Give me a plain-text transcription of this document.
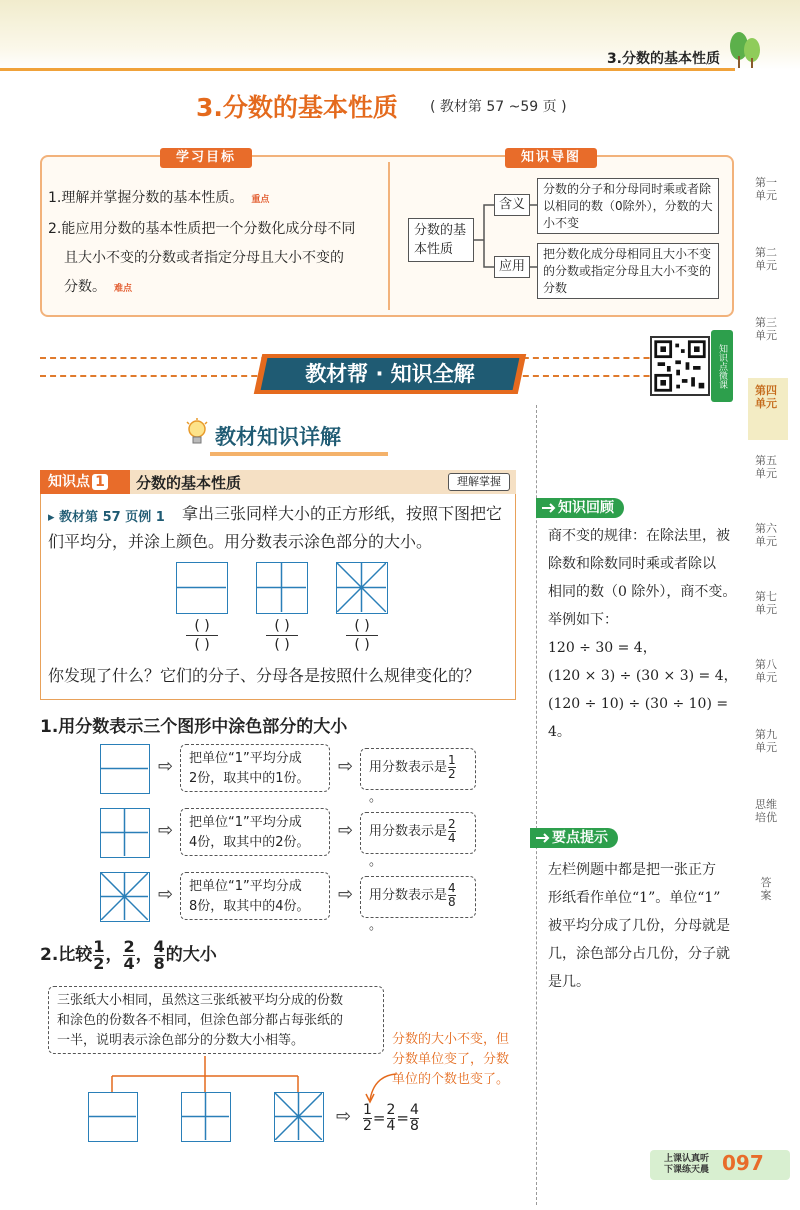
3.分数的基本性质
3.分数的基本性质 ( 教材第 57 ~59 页 )
学习目标	知识导图
1.理解并掌握分数的基本性质。 重点
2.能应用分数的基本性质把一个分数化成分母不同
且大小不变的分数或者指定分母且大小不变的
分数。 难点
分数的基本性质
含义
应用
分数的分子和分母同时乘或者除以相同的数（0除外），分数的大小不变
把分数化成分母相同且大小不变的分数或指定分母且大小不变的分数
教材帮 · 知识全解	知识点微课
教材知识详解
知识点 1	分数的基本性质	理解掌握
▸ 教材第 57 页例 1 拿出三张同样大小的正方形纸，按照下图把它
们平均分，并涂上颜色。用分数表示涂色部分的大小。
( )
( )
( )
( )
( )
( )
你发现了什么？它们的分子、分母各是按照什么规律变化的？
1.用分数表示三个图形中涂色部分的大小
⇨ 把单位“1”平均分成
2份，取其中的1份。
⇨	用分数表示是 $\frac{1}{2}$
。
⇨ 把单位“1”平均分成
4份，取其中的2份。
⇨	用分数表示是 $\frac{2}{4}$
。
⇨ 把单位“1”平均分成
8份，取其中的4份。
⇨	用分数表示是 $\frac{4}{8}$
。
2.比较 $\frac{1}{2}$ ， $\frac{2}{4}$ ， $\frac{4}{8}$ 的大小
三张纸大小相同，虽然这三张纸被平均分成的份数
和涂色的份数各不相同，但涂色部分都占每张纸的
一半，说明表示涂色部分的分数大小相等。	分数的大小不变，但
分数单位变了，分数
单位的个数也变了。
⇨ $\frac{1}{2} = \frac{2}{4} = \frac{4}{8}$
知识回顾
商不变的规律：在除法里，被
除数和除数同时乘或者除以
相同的数（0 除外），商不变。
举例如下：
120 ÷ 30 = 4，
(120 × 3) ÷ (30 × 3) = 4，
(120 ÷ 10) ÷ (30 ÷ 10) = 4。
要点提示
左栏例题中都是把一张正方
形纸看作单位“1”。单位“1”
被平均分成了几份，分母就是
几，涂色部分占几份，分子就
是几。
第一单元
第二单元
第三单元
第四单元
第五单元
第六单元
第七单元
第八单元
第九单元
思维培优
答案
上课认真听
下课练天晨 097
